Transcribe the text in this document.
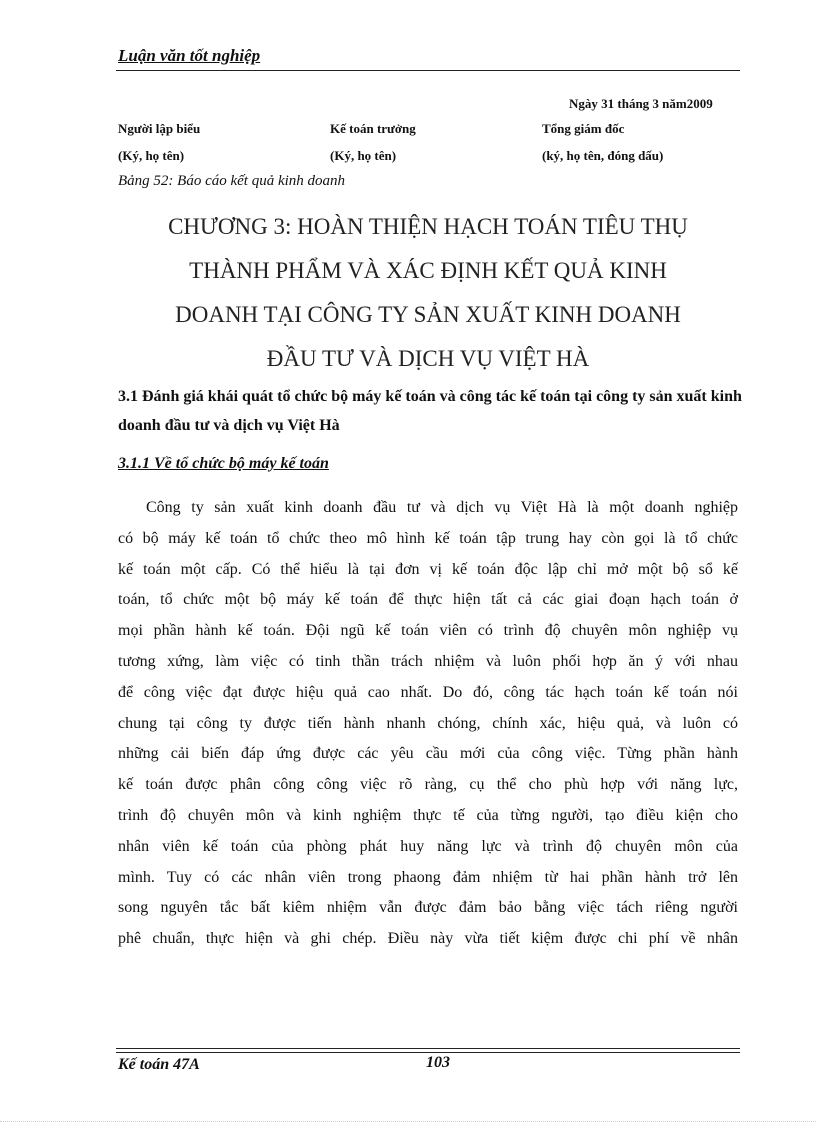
Luận văn tốt nghiệp
Ngày 31 tháng 3 năm2009
Người lập biểu	Kế toán trưởng	Tổng giám đốc
(Ký, họ tên)	(Ký, họ tên)	(ký, họ tên, đóng dấu)
Bảng 52: Báo cáo kết quả kinh doanh
CHƯƠNG 3: HOÀN THIỆN HẠCH TOÁN TIÊU THỤ
THÀNH PHẨM VÀ XÁC ĐỊNH KẾT QUẢ KINH
DOANH TẠI CÔNG TY SẢN XUẤT KINH DOANH
ĐẦU TƯ VÀ DỊCH VỤ VIỆT HÀ
3.1 Đánh giá khái quát tổ chức bộ máy kế toán và công tác kế toán tại công ty sản xuất kinh doanh đầu tư và dịch vụ Việt Hà
3.1.1 Về tổ chức bộ máy kế toán
Công ty sản xuất kinh doanh đầu tư và dịch vụ Việt Hà là một doanh nghiệp
có bộ máy kế toán tổ chức theo mô hình kế toán tập trung hay còn gọi là tổ chức
kế toán một cấp. Có thể hiểu là tại đơn vị kế toán độc lập chỉ mở một bộ sổ kế
toán, tổ chức một bộ máy kế toán để thực hiện tất cả các giai đoạn hạch toán ở
mọi phần hành kế toán. Đội ngũ kế toán viên có trình độ chuyên môn nghiệp vụ
tương xứng, làm việc có tinh thần trách nhiệm và luôn phối hợp ăn ý với nhau
để công việc đạt được hiệu quả cao nhất. Do đó, công tác hạch toán kế toán nói
chung tại công ty được tiến hành nhanh chóng, chính xác, hiệu quả, và luôn có
những cải biến đáp ứng được các yêu cầu mới của công việc. Từng phần hành
kế toán được phân công công việc rõ ràng, cụ thể cho phù hợp với năng lực,
trình độ chuyên môn và kinh nghiệm thực tế của từng người, tạo điều kiện cho
nhân viên kế toán của phòng phát huy năng lực và trình độ chuyên môn của
mình. Tuy có các nhân viên trong phaong đảm nhiệm từ hai phần hành trở lên
song nguyên tắc bất kiêm nhiệm vẫn được đảm bảo bằng việc tách riêng người
phê chuẩn, thực hiện và ghi chép. Điều này vừa tiết kiệm được chi phí về nhân
Kế toán 47A	103
